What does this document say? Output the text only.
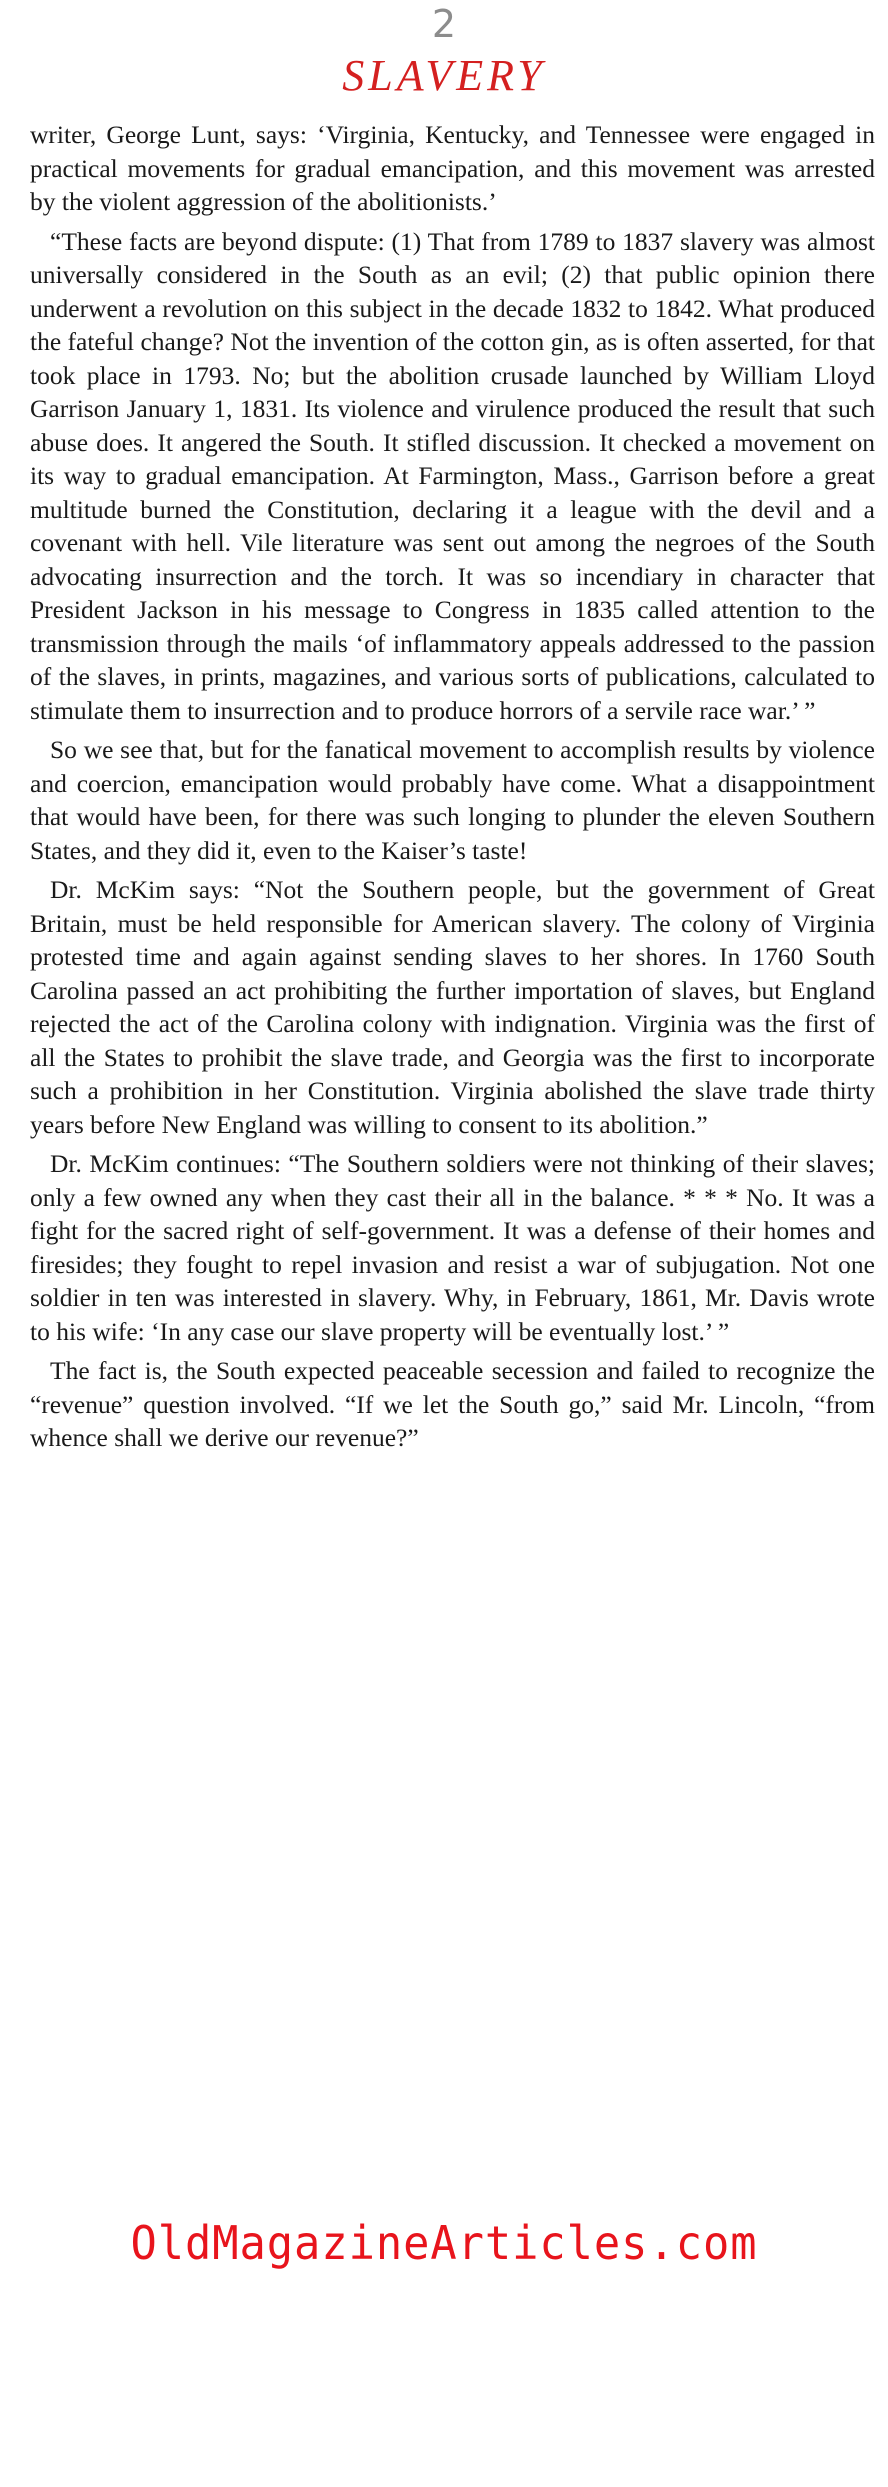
2
SLAVERY

writer, George Lunt, says: ‘Virginia, Kentucky, and Tennessee were engaged in practical movements for gradual emancipation, and this movement was arrested by the violent aggression of the abolitionists.’

“These facts are beyond dispute: (1) That from 1789 to 1837 slavery was almost universally considered in the South as an evil; (2) that public opinion there underwent a revolution on this subject in the decade 1832 to 1842. What produced the fateful change? Not the invention of the cotton gin, as is often asserted, for that took place in 1793. No; but the abolition crusade launched by William Lloyd Garrison January 1, 1831. Its violence and virulence produced the result that such abuse does. It angered the South. It stifled discussion. It checked a movement on its way to gradual emancipation. At Farmington, Mass., Garrison before a great multitude burned the Constitution, declaring it a league with the devil and a covenant with hell. Vile literature was sent out among the negroes of the South advocating insurrection and the torch. It was so incendiary in character that President Jackson in his message to Congress in 1835 called attention to the transmission through the mails ‘of inflammatory appeals addressed to the passion of the slaves, in prints, magazines, and various sorts of publications, calculated to stimulate them to insurrection and to produce horrors of a servile race war.’ ”

So we see that, but for the fanatical movement to accomplish results by violence and coercion, emancipation would probably have come. What a disappointment that would have been, for there was such longing to plunder the eleven Southern States, and they did it, even to the Kaiser’s taste!

Dr. McKim says: “Not the Southern people, but the government of Great Britain, must be held responsible for American slavery. The colony of Virginia protested time and again against sending slaves to her shores. In 1760 South Carolina passed an act prohibiting the further importation of slaves, but England rejected the act of the Carolina colony with indignation. Virginia was the first of all the States to prohibit the slave trade, and Georgia was the first to incorporate such a prohibition in her Constitution. Virginia abolished the slave trade thirty years before New England was willing to consent to its abolition.”

Dr. McKim continues: “The Southern soldiers were not thinking of their slaves; only a few owned any when they cast their all in the balance. * * * No. It was a fight for the sacred right of self-government. It was a defense of their homes and firesides; they fought to repel invasion and resist a war of subjugation. Not one soldier in ten was interested in slavery. Why, in February, 1861, Mr. Davis wrote to his wife: ‘In any case our slave property will be eventually lost.’ ”

The fact is, the South expected peaceable secession and failed to recognize the “revenue” question involved. “If we let the South go,” said Mr. Lincoln, “from whence shall we derive our revenue?”

OldMagazineArticles.com
